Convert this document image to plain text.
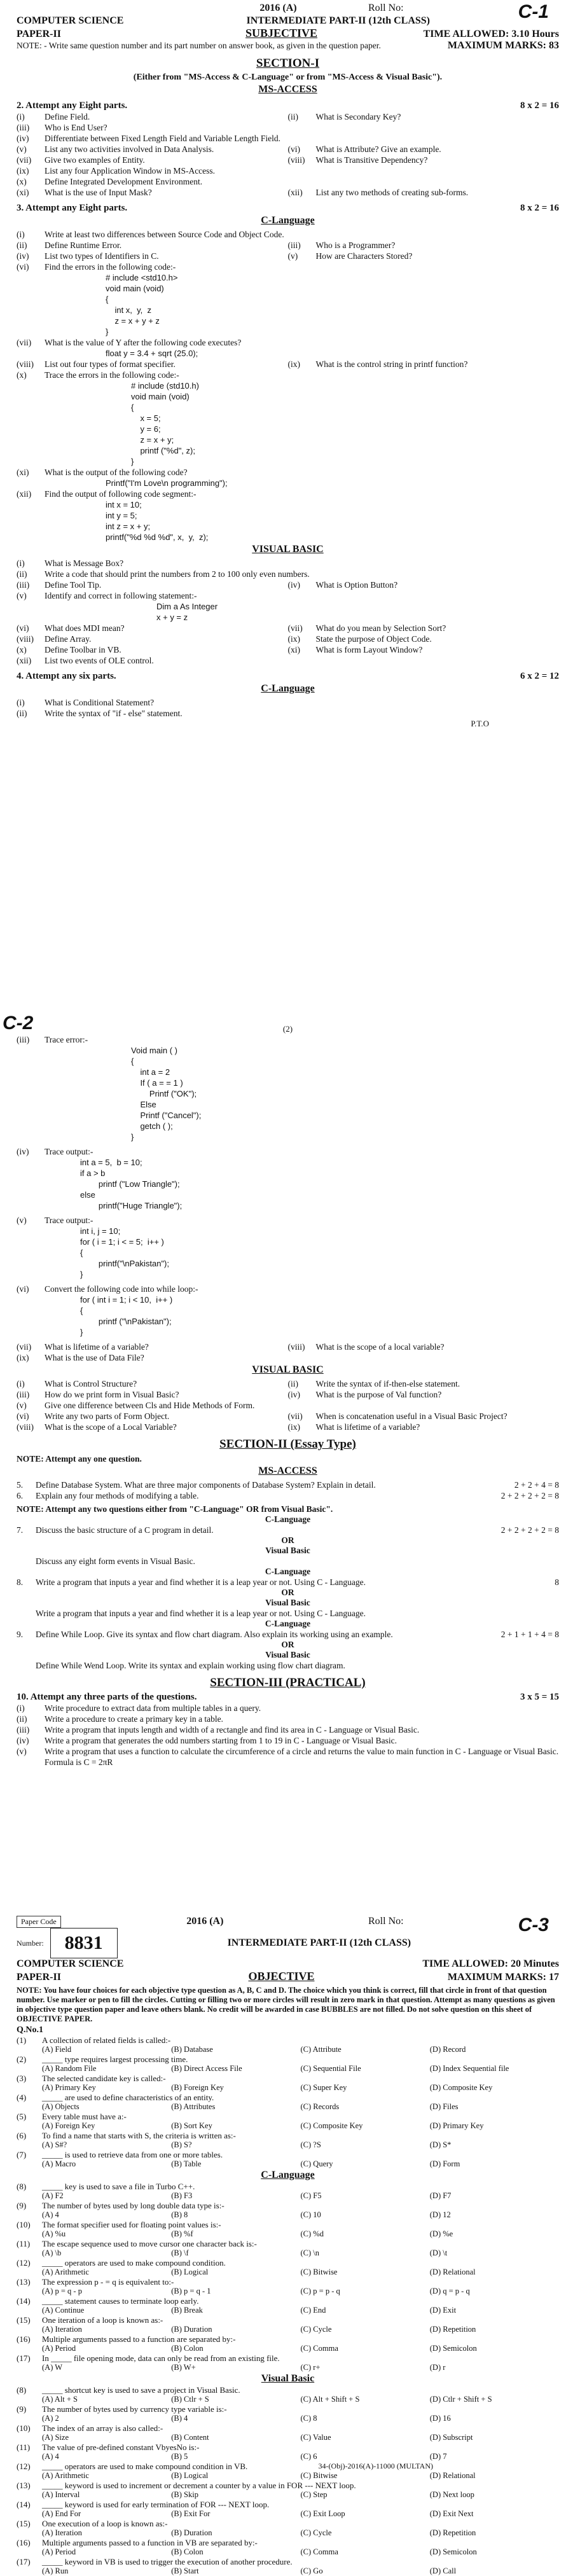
C-1
2016 (A)	Roll No:
COMPUTER SCIENCE	INTERMEDIATE PART-II (12th CLASS)
PAPER-II	SUBJECTIVE	TIME ALLOWED: 3.10 Hours
NOTE: - Write same question number and its part number on answer book, as given in the question paper.	MAXIMUM MARKS: 83
SECTION-I
(Either from "MS-Access & C-Language" or from "MS-Access & Visual Basic").
MS-ACCESS
2. Attempt any Eight parts.	8 x 2 = 16
(i)	Define Field.	(ii)	What is Secondary Key?
(iii)	Who is End User?
(iv)	Differentiate between Fixed Length Field and Variable Length Field.
(v)	List any two activities involved in Data Analysis.	(vi)	What is Attribute? Give an example.
(vii)	Give two examples of Entity.	(viii)	What is Transitive Dependency?
(ix)	List any four Application Window in MS-Access.
(x)	Define Integrated Development Environment.
(xi)	What is the use of Input Mask?	(xii)	List any two methods of creating sub-forms.
3. Attempt any Eight parts.	8 x 2 = 16
C-Language
(i)	Write at least two differences between Source Code and Object Code.
(ii)	Define Runtime Error.	(iii)	Who is a Programmer?
(iv)	List two types of Identifiers in C.	(v)	How are Characters Stored?
(vi)	Find the errors in the following code:-
# include <std10.h>
void main (void)
{
int x,  y,  z
z = x + y + z
}
(vii)	What is the value of Y after the following code executes?
float y = 3.4 + sqrt (25.0);
(viii)	List out four types of format specifier.	(ix)	What is the control string in printf function?
(x)	Trace the errors in the following code:-
# include (std10.h)
void main (void)
{
x = 5;
y = 6;
z = x + y;
printf ("%d", z);
}
(xi)	What is the output of the following code?
Printf("I'm Love\n programming");
(xii)	Find the output of following code segment:-
int x = 10;
int y = 5;
int z = x + y;
printf("%d %d %d", x,  y,  z);
VISUAL BASIC
(i)	What is Message Box?
(ii)	Write a code that should print the numbers from 2 to 100 only even numbers.
(iii)	Define Tool Tip.	(iv)	What is Option Button?
(v)	Identify and correct in following statement:-
Dim a As Integer
x + y = z
(vi)	What does MDI mean?	(vii)	What do you mean by Selection Sort?
(viii)	Define Array.	(ix)	State the purpose of Object Code.
(x)	Define Toolbar in VB.	(xi)	What is form Layout Window?
(xii)	List two events of OLE control.
4. Attempt any six parts.	6 x 2 = 12
C-Language
(i)	What is Conditional Statement?
(ii)	Write the syntax of "if - else" statement.
P.T.O
C-2	(2)
(iii)	Trace error:-
Void main ( )
{
int a = 2
If ( a = = 1 )
Printf ("OK");
Else
Printf ("Cancel");
getch ( );
}
(iv)	Trace output:-
int a = 5,  b = 10;
if a > b
printf ("Low Triangle");
else
printf("Huge Triangle");
(v)	Trace output:-
int i, j = 10;
for ( i = 1; i < = 5;  i++ )
{
printf("\nPakistan");
}
(vi)	Convert the following code into while loop:-
for ( int i = 1; i < 10,  i++ )
{
printf ("\nPakistan");
}
(vii)	What is lifetime of a variable?	(viii)	What is the scope of a local variable?
(ix)	What is the use of Data File?
VISUAL BASIC
(i)	What is Control Structure?	(ii)	Write the syntax of if-then-else statement.
(iii)	How do we print form in Visual Basic?	(iv)	What is the purpose of Val function?
(v)	Give one difference between Cls and Hide Methods of Form.
(vi)	Write any two parts of Form Object.	(vii)	When is concatenation useful in a Visual Basic Project?
(viii)	What is the scope of a Local Variable?	(ix)	What is lifetime of a variable?
SECTION-II (Essay Type)
NOTE: Attempt any one question.
MS-ACCESS
5.	Define Database System. What are three major components of Database System? Explain in detail.	2 + 2 + 4 = 8
6.	Explain any four methods of modifying a table.	2 + 2 + 2 + 2 = 8
NOTE: Attempt any two questions either from "C-Language" OR from Visual Basic".
C-Language
7.	Discuss the basic structure of a C program in detail.	2 + 2 + 2 + 2 = 8
OR
Visual Basic
Discuss any eight form events in Visual Basic.
C-Language
8.	Write a program that inputs a year and find whether it is a leap year or not. Using C - Language.	8
OR
Visual Basic
Write a program that inputs a year and find whether it is a leap year or not. Using C - Language.
C-Language
9.	Define While Loop. Give its syntax and flow chart diagram. Also explain its working using an example.	2 + 1 + 1 + 4 = 8
OR
Visual Basic
Define While Wend Loop. Write its syntax and explain working using flow chart diagram.
SECTION-III (PRACTICAL)
10. Attempt any three parts of the questions.	3 x 5 = 15
(i)	Write procedure to extract data from multiple tables in a query.
(ii)	Write a procedure to create a primary key in a table.
(iii)	Write a program that inputs length and width of a rectangle and find its area in C - Language or Visual Basic.
(iv)	Write a program that generates the odd numbers starting from 1 to 19 in C - Language or Visual Basic.
(v)	Write a program that uses a function to calculate the circumference of a circle and returns the value to main function in C - Language or Visual Basic. Formula is C = 2πR
C-3
Paper Code	2016 (A)	Roll No:
Number:	8831	INTERMEDIATE PART-II (12th CLASS)
COMPUTER SCIENCE	TIME ALLOWED: 20 Minutes
PAPER-II	OBJECTIVE	MAXIMUM MARKS: 17
NOTE: You have four choices for each objective type question as A, B, C and D. The choice which you think is correct, fill that circle in front of that question number. Use marker or pen to fill the circles. Cutting or filling two or more circles will result in zero mark in that question. Attempt as many questions as given in objective type question paper and leave others blank. No credit will be awarded in case BUBBLES are not filled. Do not solve question on this sheet of OBJECTIVE PAPER.
Q.No.1
(1)	A collection of related fields is called:-
(A) Field	(B) Database	(C) Attribute	(D) Record
(2)	_____ type requires largest processing time.
(A) Random File	(B) Direct Access File	(C) Sequential File	(D) Index Sequential file
(3)	The selected candidate key is called:-
(A) Primary Key	(B) Foreign Key	(C) Super Key	(D) Composite Key
(4)	_____ are used to define characteristics of an entity.
(A) Objects	(B) Attributes	(C) Records	(D) Files
(5)	Every table must have a:-
(A) Foreign Key	(B) Sort Key	(C) Composite Key	(D) Primary Key
(6)	To find a name that starts with S, the criteria is written as:-
(A) S#?	(B) S?	(C) ?S	(D) S*
(7)	_____ is used to retrieve data from one or more tables.
(A) Macro	(B) Table	(C) Query	(D) Form
C-Language
(8)	_____ key is used to save a file in Turbo C++.
(A) F2	(B) F3	(C) F5	(D) F7
(9)	The number of bytes used by long double data type is:-
(A) 4	(B) 8	(C) 10	(D) 12
(10)	The format specifier used for floating point values is:-
(A) %u	(B) %f	(C) %d	(D) %e
(11)	The escape sequence used to move cursor one character back is:-
(A) \b	(B) \f	(C) \n	(D) \t
(12)	_____ operators are used to make compound condition.
(A) Arithmetic	(B) Logical	(C) Bitwise	(D) Relational
(13)	The expression p - = q is equivalent to:-
(A) p = q - p	(B) p = q - 1	(C) p = p - q	(D) q = p - q
(14)	_____ statement causes to terminate loop early.
(A) Continue	(B) Break	(C) End	(D) Exit
(15)	One iteration of a loop is known as:-
(A) Iteration	(B) Duration	(C) Cycle	(D) Repetition
(16)	Multiple arguments passed to a function are separated by:-
(A) Period	(B) Colon	(C) Comma	(D) Semicolon
(17)	In _____ file opening mode, data can only be read from an existing file.
(A) W	(B) W+	(C) r+	(D) r
Visual Basic
(8)	_____ shortcut key is used to save a project in Visual Basic.
(A) Alt + S	(B) Ctlr + S	(C) Alt + Shift + S	(D) Ctlr + Shift + S
(9)	The number of bytes used by currency type variable is:-
(A) 2	(B) 4	(C) 8	(D) 16
(10)	The index of an array is also called:-
(A) Size	(B) Content	(C) Value	(D) Subscript
(11)	The value of pre-defined constant VbyesNo is:-
(A) 4	(B) 5	(C) 6	(D) 7
(12)	_____ operators are used to make compound condition in VB.
(A) Arithmetic	(B) Logical	(C) Bitwise	(D) Relational
(13)	_____ keyword is used to increment or decrement a counter by a value in FOR --- NEXT loop.
(A) Interval	(B) Skip	(C) Step	(D) Next loop
(14)	_____ keyword is used for early termination of FOR --- NEXT loop.
(A) End For	(B) Exit For	(C) Exit Loop	(D) Exit Next
(15)	One execution of a loop is known as:-
(A) Iteration	(B) Duration	(C) Cycle	(D) Repetition
(16)	Multiple arguments passed to a function in VB are separated by:-
(A) Period	(B) Colon	(C) Comma	(D) Semicolon
(17)	_____ keyword in VB is used to trigger the execution of another procedure.
(A) Run	(B) Start	(C) Go	(D) Call
34-(Obj)-2016(A)-11000 (MULTAN)
